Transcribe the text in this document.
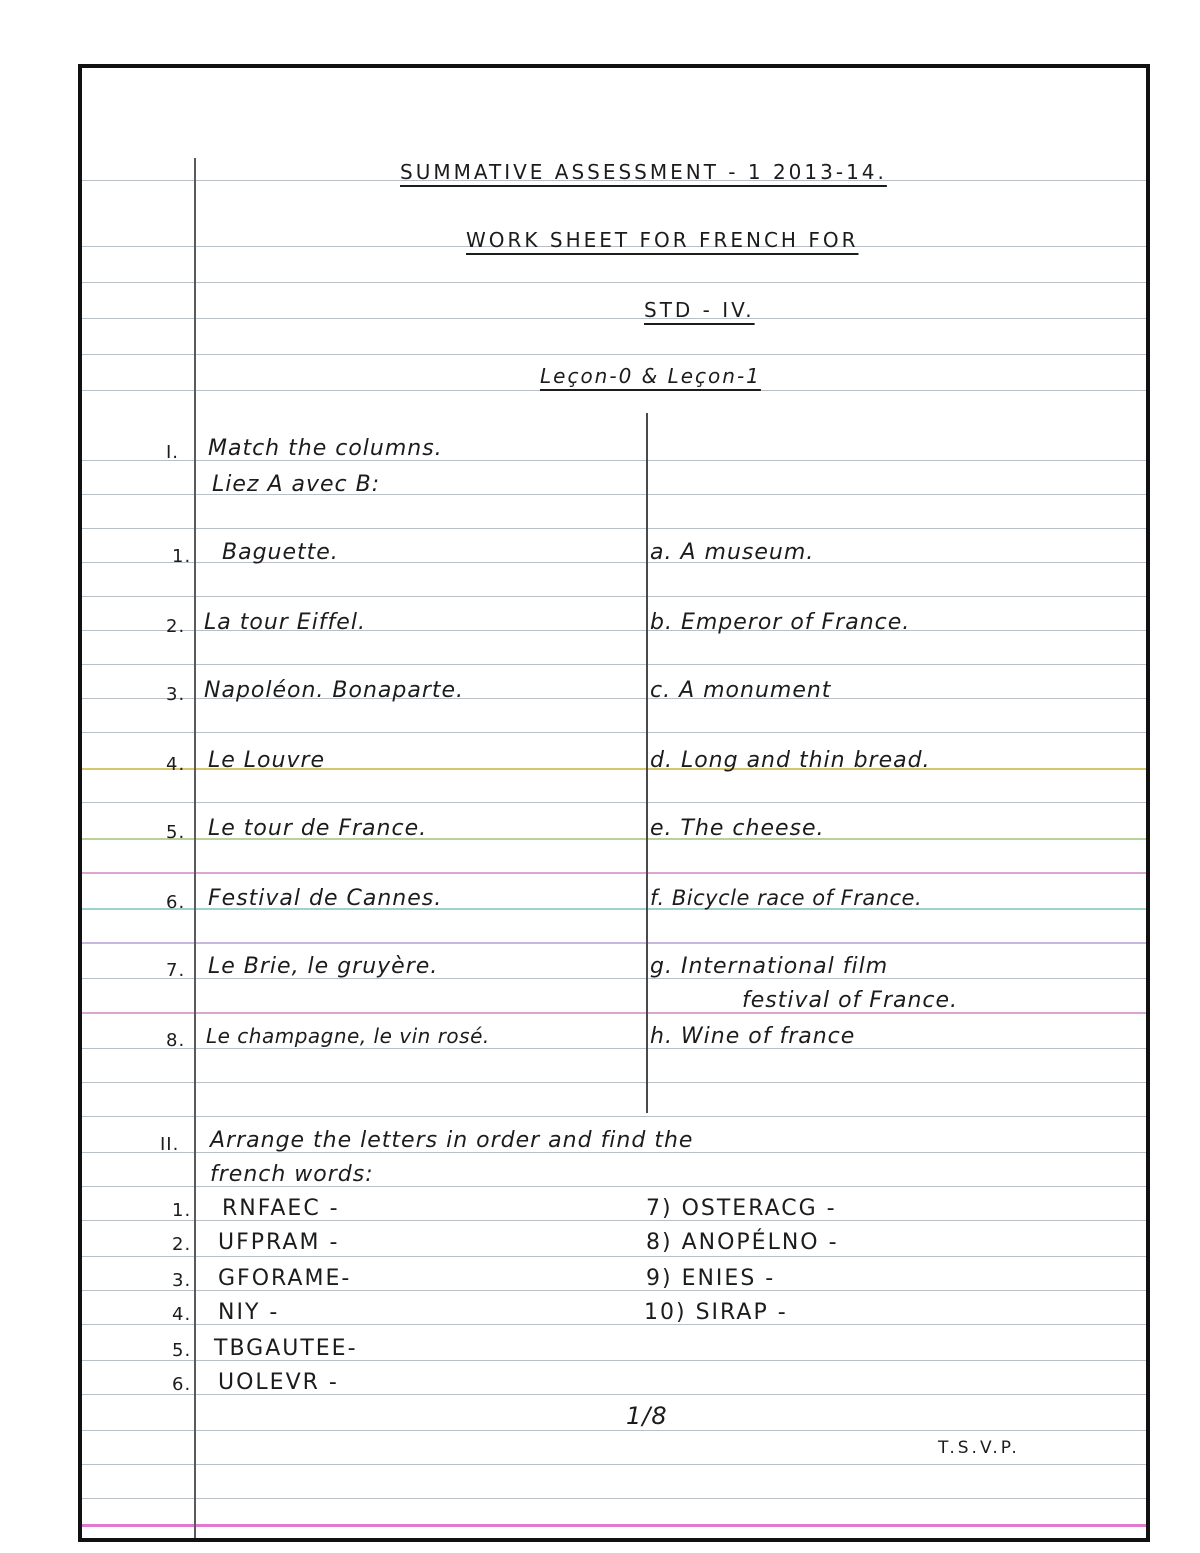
SUMMATIVE ASSESSMENT - 1 2013-14.
WORK SHEET FOR FRENCH FOR
STD - IV.
Leçon-0 & Leçon-1
I. Match the columns.
Liez A avec B:
1. Baguette.
2. La tour Eiffel.
3. Napoléon. Bonaparte.
4. Le Louvre
5. Le tour de France.
6. Festival de Cannes.
7. Le Brie, le gruyère.
8. Le champagne, le vin rosé.
a. A museum.
b. Emperor of France.
c. A monument
d. Long and thin bread.
e. The cheese.
f. Bicycle race of France.
g. International film
festival of France.
h. Wine of france
II. Arrange the letters in order and find the
french words:
1. RNFAEC -
2. UFPRAM -
3. GFORAME-
4. NIY -
5. TBGAUTEE-
6. UOLEVR -
7) OSTERACG -
8) ANOPÉLNO -
9) ENIES -
10) SIRAP -
1/8
T.S.V.P.
